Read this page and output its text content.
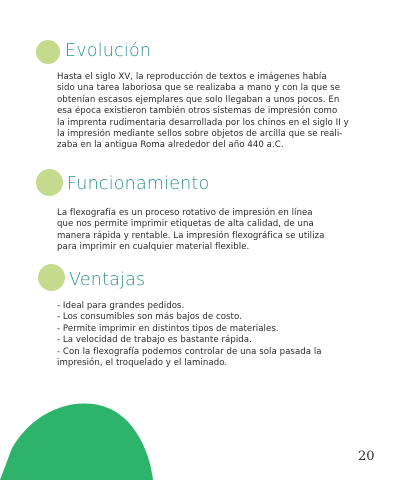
Evolución

Hasta el siglo XV, la reproducción de textos e imágenes había
sido una tarea laboriosa que se realizaba a mano y con la que se
obtenían escasos ejemplares que solo llegaban a unos pocos. En
esa época existieron también otros sistemas de impresión como
la imprenta rudimentaria desarrollada por los chinos en el siglo II y
la impresión mediante sellos sobre objetos de arcilla que se reali-
zaba en la antigua Roma alrededor del año 440 a.C.

Funcionamiento

La flexografía es un proceso rotativo de impresión en línea
que nos permite imprimir etiquetas de alta calidad, de una
manera rápida y rentable. La impresión flexográfica se utiliza
para imprimir en cualquier material flexible.

Ventajas

- Ideal para grandes pedidos.
- Los consumibles son más bajos de costo.
- Permite imprimir en distintos tipos de materiales.
- La velocidad de trabajo es bastante rápida.
- Con la flexografía podemos controlar de una sola pasada la
impresión, el troquelado y el laminado.

20
